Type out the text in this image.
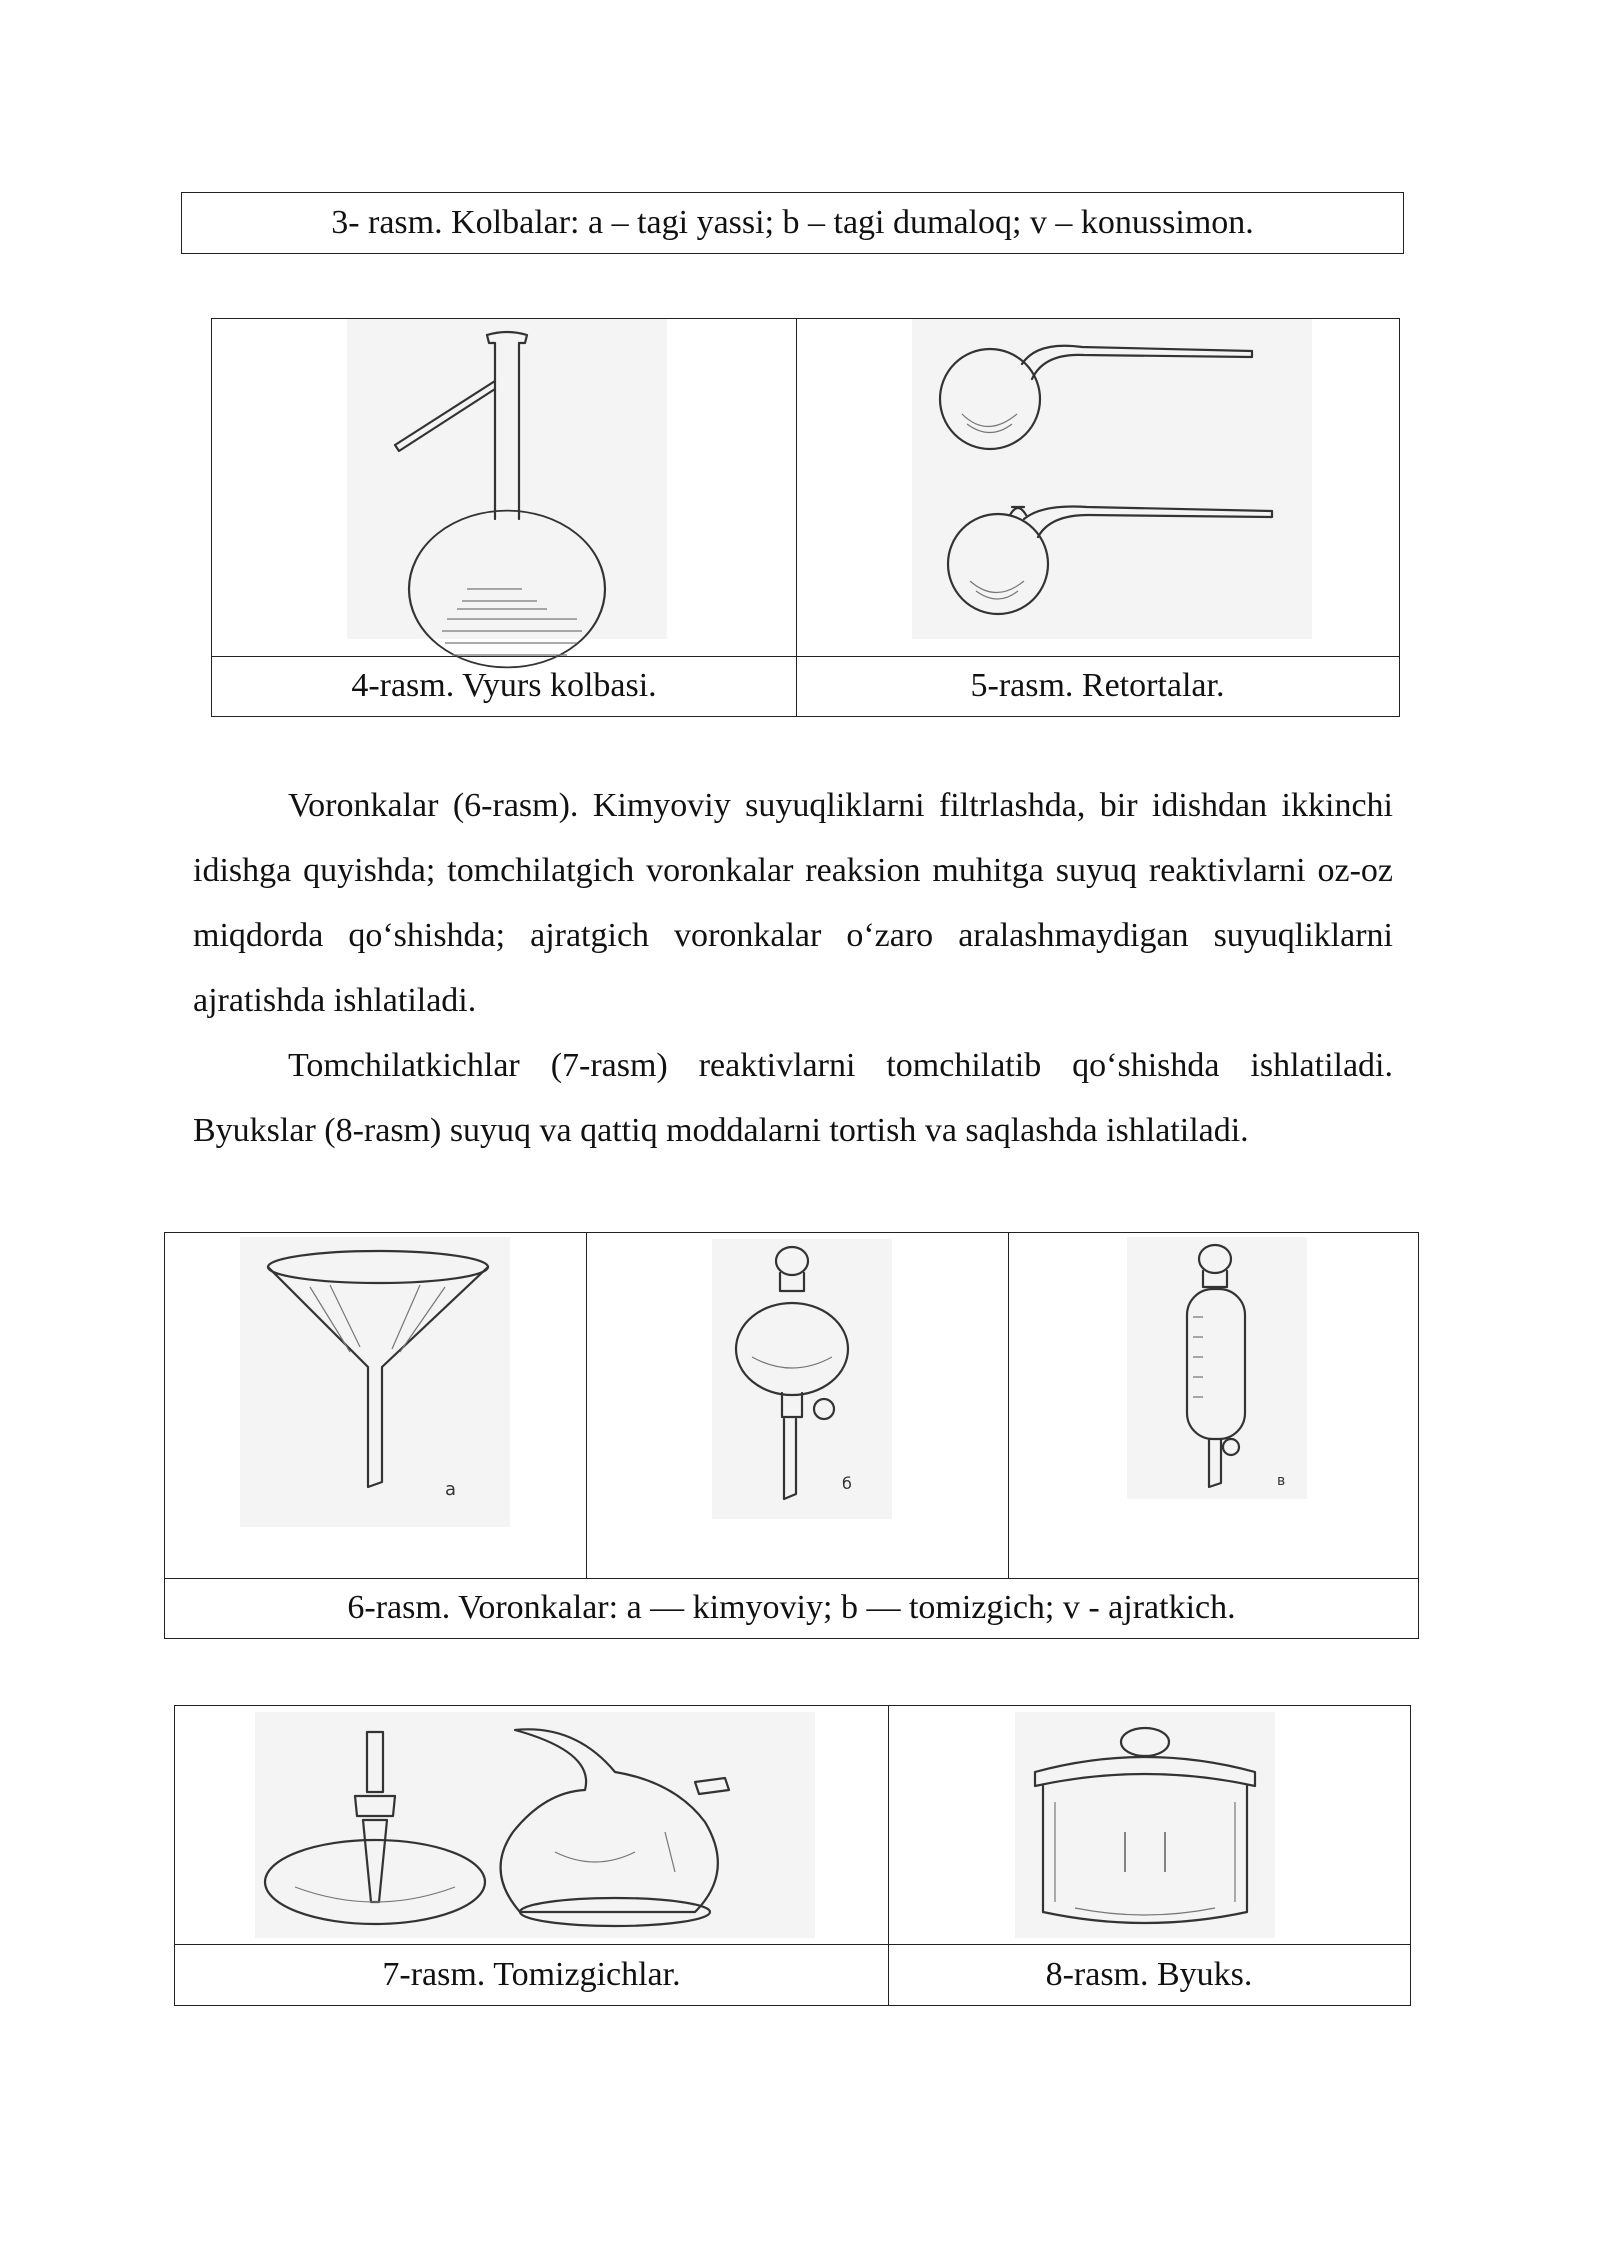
3- rasm. Kolbalar: a – tagi yassi; b – tagi dumaloq; v – konussimon.
4-rasm. Vyurs kolbasi.	5-rasm. Retortalar.

Voronkalar (6-rasm). Kimyoviy suyuqliklarni filtrlashda, bir idishdan ikkinchi idishga quyishda; tomchilatgich voronkalar reaksion muhitga suyuq reaktivlarni oz-oz miqdorda qo‘shishda; ajratgich voronkalar o‘zaro aralashmaydigan suyuqliklarni ajratishda ishlatiladi.

Tomchilatkichlar (7-rasm) reaktivlarni tomchilatib qo‘shishda ishlatiladi. Byukslar (8-rasm) suyuq va qattiq moddalarni tortish va saqlashda ishlatiladi.

a	б	в
6-rasm. Voronkalar: a — kimyoviy; b — tomizgich; v - ajratkich.
7-rasm. Tomizgichlar.	8-rasm. Byuks.
